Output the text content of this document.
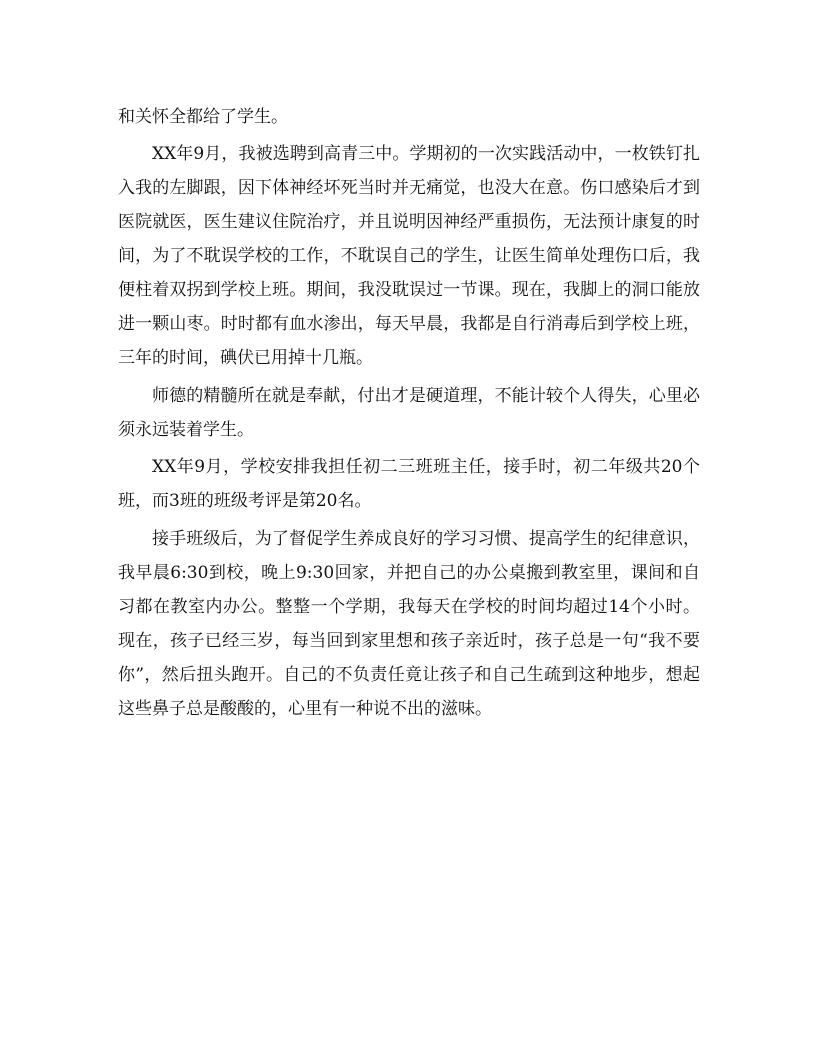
和关怀全都给了学生。

XX年9月，我被选聘到高青三中。学期初的一次实践活动中，一枚铁钉扎入我的左脚跟，因下体神经坏死当时并无痛觉，也没大在意。伤口感染后才到医院就医，医生建议住院治疗，并且说明因神经严重损伤，无法预计康复的时间，为了不耽误学校的工作，不耽误自己的学生，让医生简单处理伤口后，我便柱着双拐到学校上班。期间，我没耽误过一节课。现在，我脚上的洞口能放进一颗山枣。时时都有血水渗出，每天早晨，我都是自行消毒后到学校上班，三年的时间，碘伏已用掉十几瓶。

师德的精髓所在就是奉献，付出才是硬道理，不能计较个人得失，心里必须永远装着学生。

XX年9月，学校安排我担任初二三班班主任，接手时，初二年级共20个班，而3班的班级考评是第20名。

接手班级后，为了督促学生养成良好的学习习惯、提高学生的纪律意识，我早晨6:30到校，晚上9:30回家，并把自己的办公桌搬到教室里，课间和自习都在教室内办公。整整一个学期，我每天在学校的时间均超过14个小时。现在，孩子已经三岁，每当回到家里想和孩子亲近时，孩子总是一句“我不要你”，然后扭头跑开。自己的不负责任竟让孩子和自己生疏到这种地步，想起这些鼻子总是酸酸的，心里有一种说不出的滋味。
